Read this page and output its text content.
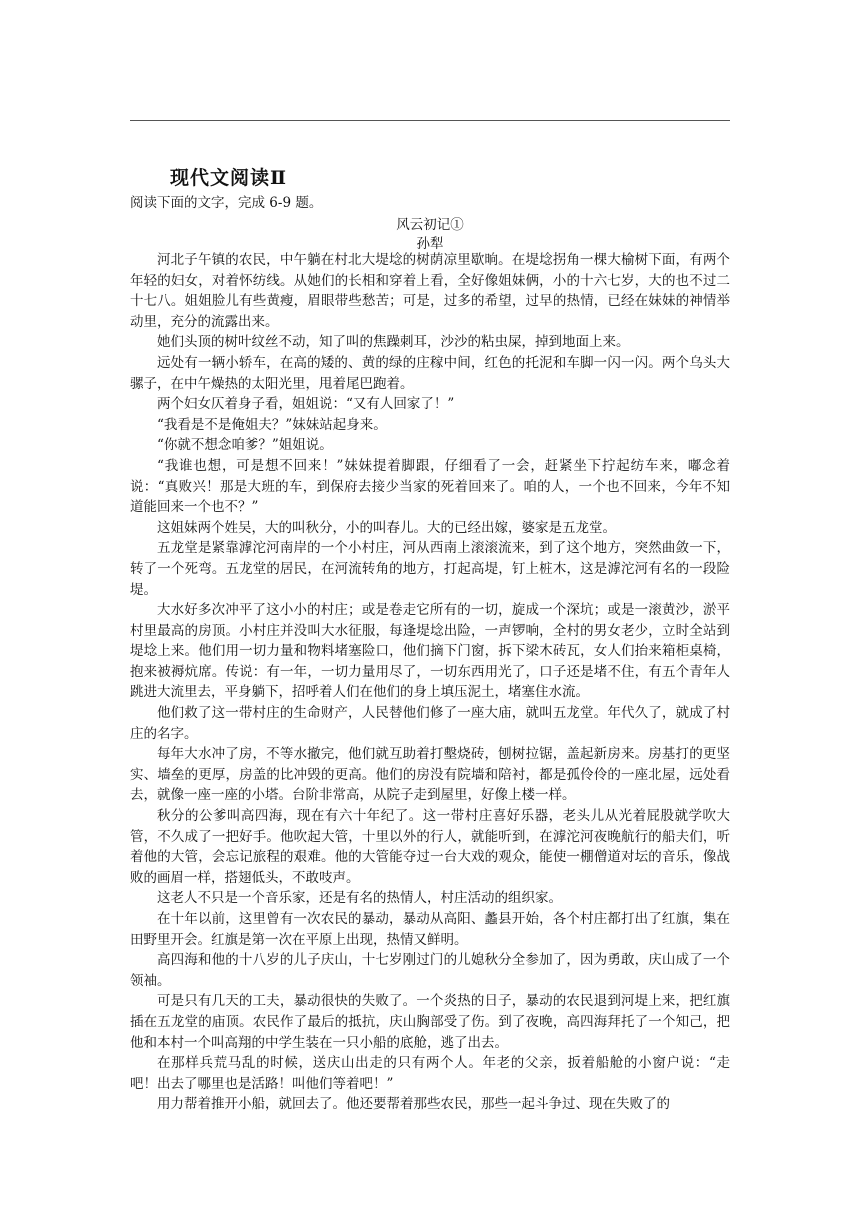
现代文阅读Ⅱ
阅读下面的文字，完成 6-9 题。
风云初记①
孙犁

河北子午镇的农民，中午躺在村北大堤埝的树荫凉里歇晌。在堤埝拐角一棵大榆树下面，有两个年轻的妇女，对着怀纺线。从她们的长相和穿着上看，全好像姐妹俩，小的十六七岁，大的也不过二十七八。姐姐脸儿有些黄瘦，眉眼带些愁苦；可是，过多的希望，过早的热情，已经在妹妹的神情举动里，充分的流露出来。

她们头顶的树叶纹丝不动，知了叫的焦躁刺耳，沙沙的粘虫屎，掉到地面上来。

远处有一辆小轿车，在高的矮的、黄的绿的庄稼中间，红色的托泥和车脚一闪一闪。两个乌头大骡子，在中午燥热的太阳光里，甩着尾巴跑着。

两个妇女仄着身子看，姐姐说：“又有人回家了！”

“我看是不是俺姐夫？”妹妹站起身来。

“你就不想念咱爹？”姐姐说。

“我谁也想，可是想不回来！”妹妹提着脚跟，仔细看了一会，赶紧坐下拧起纺车来，嘟念着说：“真败兴！那是大班的车，到保府去接少当家的死着回来了。咱的人，一个也不回来，今年不知道能回来一个也不？”

这姐妹两个姓吴，大的叫秋分，小的叫春儿。大的已经出嫁，婆家是五龙堂。

五龙堂是紧靠滹沱河南岸的一个小村庄，河从西南上滚滚流来，到了这个地方，突然曲敛一下，转了一个死弯。五龙堂的居民，在河流转角的地方，打起高堤，钉上桩木，这是滹沱河有名的一段险堤。

大水好多次冲平了这小小的村庄；或是卷走它所有的一切，旋成一个深坑；或是一滚黄沙，淤平村里最高的房顶。小村庄并没叫大水征服，每逢堤埝出险，一声锣响，全村的男女老少，立时全站到堤埝上来。他们用一切力量和物料堵塞险口，他们摘下门窗，拆下梁木砖瓦，女人们抬来箱柜桌椅，抱来被褥炕席。传说：有一年，一切力量用尽了，一切东西用光了，口子还是堵不住，有五个青年人跳进大流里去，平身躺下，招呼着人们在他们的身上填压泥土，堵塞住水流。

他们救了这一带村庄的生命财产，人民替他们修了一座大庙，就叫五龙堂。年代久了，就成了村庄的名字。

每年大水冲了房，不等水撤完，他们就互助着打墼烧砖，刨树拉锯，盖起新房来。房基打的更坚实、墙垒的更厚，房盖的比冲毁的更高。他们的房没有院墙和陪衬，都是孤伶伶的一座北屋，远处看去，就像一座一座的小塔。台阶非常高，从院子走到屋里，好像上楼一样。

秋分的公爹叫高四海，现在有六十年纪了。这一带村庄喜好乐器，老头儿从光着屁股就学吹大管，不久成了一把好手。他吹起大管，十里以外的行人，就能听到，在滹沱河夜晚航行的船夫们，听着他的大管，会忘记旅程的艰难。他的大管能夺过一台大戏的观众，能使一棚僧道对坛的音乐，像战败的画眉一样，搭翅低头，不敢吱声。

这老人不只是一个音乐家，还是有名的热情人，村庄活动的组织家。

在十年以前，这里曾有一次农民的暴动，暴动从高阳、蠡县开始，各个村庄都打出了红旗，集在田野里开会。红旗是第一次在平原上出现，热情又鲜明。

高四海和他的十八岁的儿子庆山，十七岁刚过门的儿媳秋分全参加了，因为勇敢，庆山成了一个领袖。

可是只有几天的工夫，暴动很快的失败了。一个炎热的日子，暴动的农民退到河堤上来，把红旗插在五龙堂的庙顶。农民作了最后的抵抗，庆山胸部受了伤。到了夜晚，高四海拜托了一个知己，把他和本村一个叫高翔的中学生装在一只小船的底舱，逃了出去。

在那样兵荒马乱的时候，送庆山出走的只有两个人。年老的父亲，扳着船舱的小窗户说：“走吧！出去了哪里也是活路！叫他们等着吧！”

用力帮着推开小船，就回去了。他还要帮着那些农民，那些一起斗争过、现在失败了的
